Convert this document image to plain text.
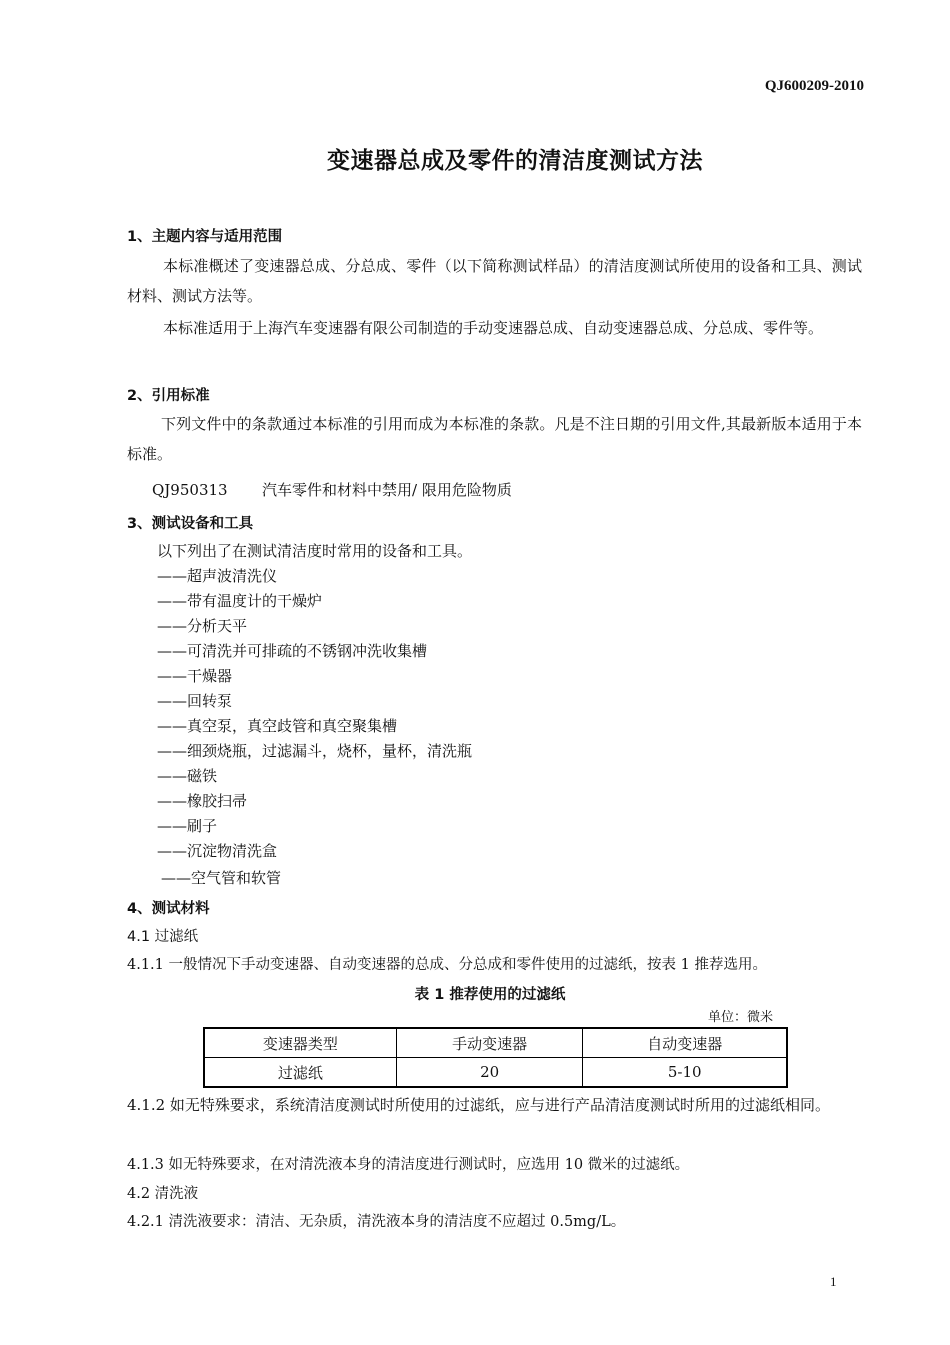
QJ600209-2010
变速器总成及零件的清洁度测试方法
1、主题内容与适用范围
本标准概述了变速器总成、分总成、零件（以下简称测试样品）的清洁度测试所使用的设备和工具、测试材料、测试方法等。
本标准适用于上海汽车变速器有限公司制造的手动变速器总成、自动变速器总成、分总成、零件等。
2、引用标准
下列文件中的条款通过本标准的引用而成为本标准的条款。凡是不注日期的引用文件,其最新版本适用于本标准。
QJ950313 汽车零件和材料中禁用/ 限用危险物质
3、测试设备和工具
以下列出了在测试清洁度时常用的设备和工具。
——超声波清洗仪
——带有温度计的干燥炉
——分析天平
——可清洗并可排疏的不锈钢冲洗收集槽
——干燥器
——回转泵
——真空泵，真空歧管和真空聚集槽
——细颈烧瓶，过滤漏斗，烧杯，量杯，清洗瓶
——磁铁
——橡胶扫帚
——刷子
——沉淀物清洗盒
——空气管和软管
4、测试材料
4.1 过滤纸
4.1.1 一般情况下手动变速器、自动变速器的总成、分总成和零件使用的过滤纸，按表 1 推荐选用。
表 1 推荐使用的过滤纸
单位：微米
变速器类型	手动变速器	自动变速器
过滤纸	20	5-10
4.1.2 如无特殊要求，系统清洁度测试时所使用的过滤纸，应与进行产品清洁度测试时所用的过滤纸相同。
4.1.3 如无特殊要求，在对清洗液本身的清洁度进行测试时，应选用 10 微米的过滤纸。
4.2 清洗液
4.2.1 清洗液要求：清洁、无杂质，清洗液本身的清洁度不应超过 0.5mg/L。
1
